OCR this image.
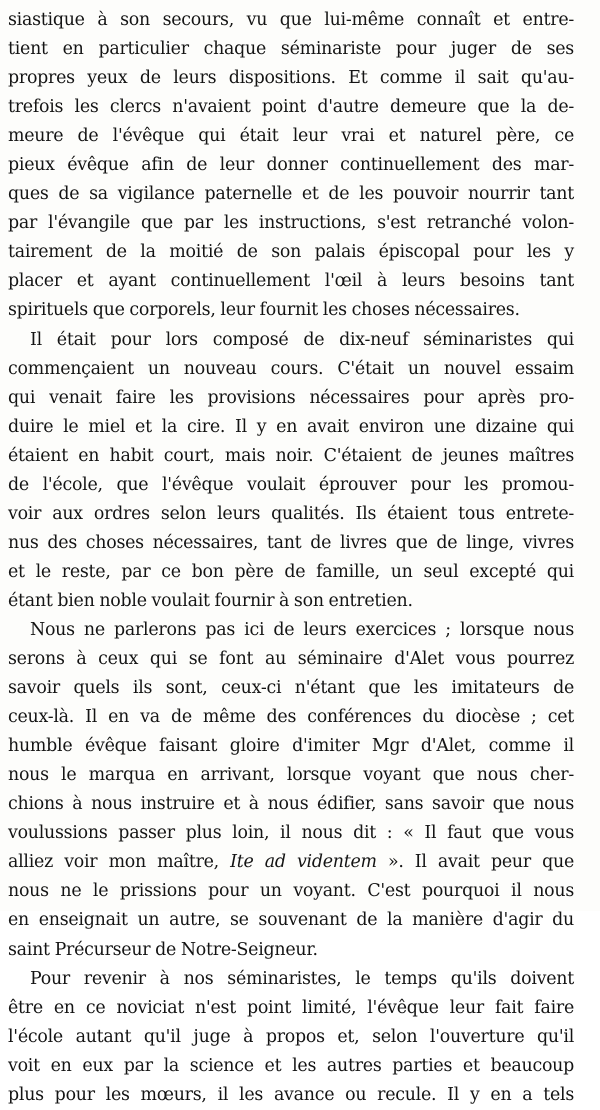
siastique à son secours, vu que lui-même connaît et entre-
tient en particulier chaque séminariste pour juger de ses
propres yeux de leurs dispositions. Et comme il sait qu'au-
trefois les clercs n'avaient point d'autre demeure que la de-
meure de l'évêque qui était leur vrai et naturel père, ce
pieux évêque afin de leur donner continuellement des mar-
ques de sa vigilance paternelle et de les pouvoir nourrir tant
par l'évangile que par les instructions, s'est retranché volon-
tairement de la moitié de son palais épiscopal pour les y
placer et ayant continuellement l'œil à leurs besoins tant
spirituels que corporels, leur fournit les choses nécessaires.
Il était pour lors composé de dix-neuf séminaristes qui
commençaient un nouveau cours. C'était un nouvel essaim
qui venait faire les provisions nécessaires pour après pro-
duire le miel et la cire. Il y en avait environ une dizaine qui
étaient en habit court, mais noir. C'étaient de jeunes maîtres
de l'école, que l'évêque voulait éprouver pour les promou-
voir aux ordres selon leurs qualités. Ils étaient tous entrete-
nus des choses nécessaires, tant de livres que de linge, vivres
et le reste, par ce bon père de famille, un seul excepté qui
étant bien noble voulait fournir à son entretien.
Nous ne parlerons pas ici de leurs exercices ; lorsque nous
serons à ceux qui se font au séminaire d'Alet vous pourrez
savoir quels ils sont, ceux-ci n'étant que les imitateurs de
ceux-là. Il en va de même des conférences du diocèse ; cet
humble évêque faisant gloire d'imiter Mgr d'Alet, comme il
nous le marqua en arrivant, lorsque voyant que nous cher-
chions à nous instruire et à nous édifier, sans savoir que nous
voulussions passer plus loin, il nous dit : « Il faut que vous
alliez voir mon maître, Ite ad videntem ». Il avait peur que
nous ne le prissions pour un voyant. C'est pourquoi il nous
en enseignait un autre, se souvenant de la manière d'agir du
saint Précurseur de Notre-Seigneur.
Pour revenir à nos séminaristes, le temps qu'ils doivent
être en ce noviciat n'est point limité, l'évêque leur fait faire
l'école autant qu'il juge à propos et, selon l'ouverture qu'il
voit en eux par la science et les autres parties et beaucoup
plus pour les mœurs, il les avance ou recule. Il y en a tels
